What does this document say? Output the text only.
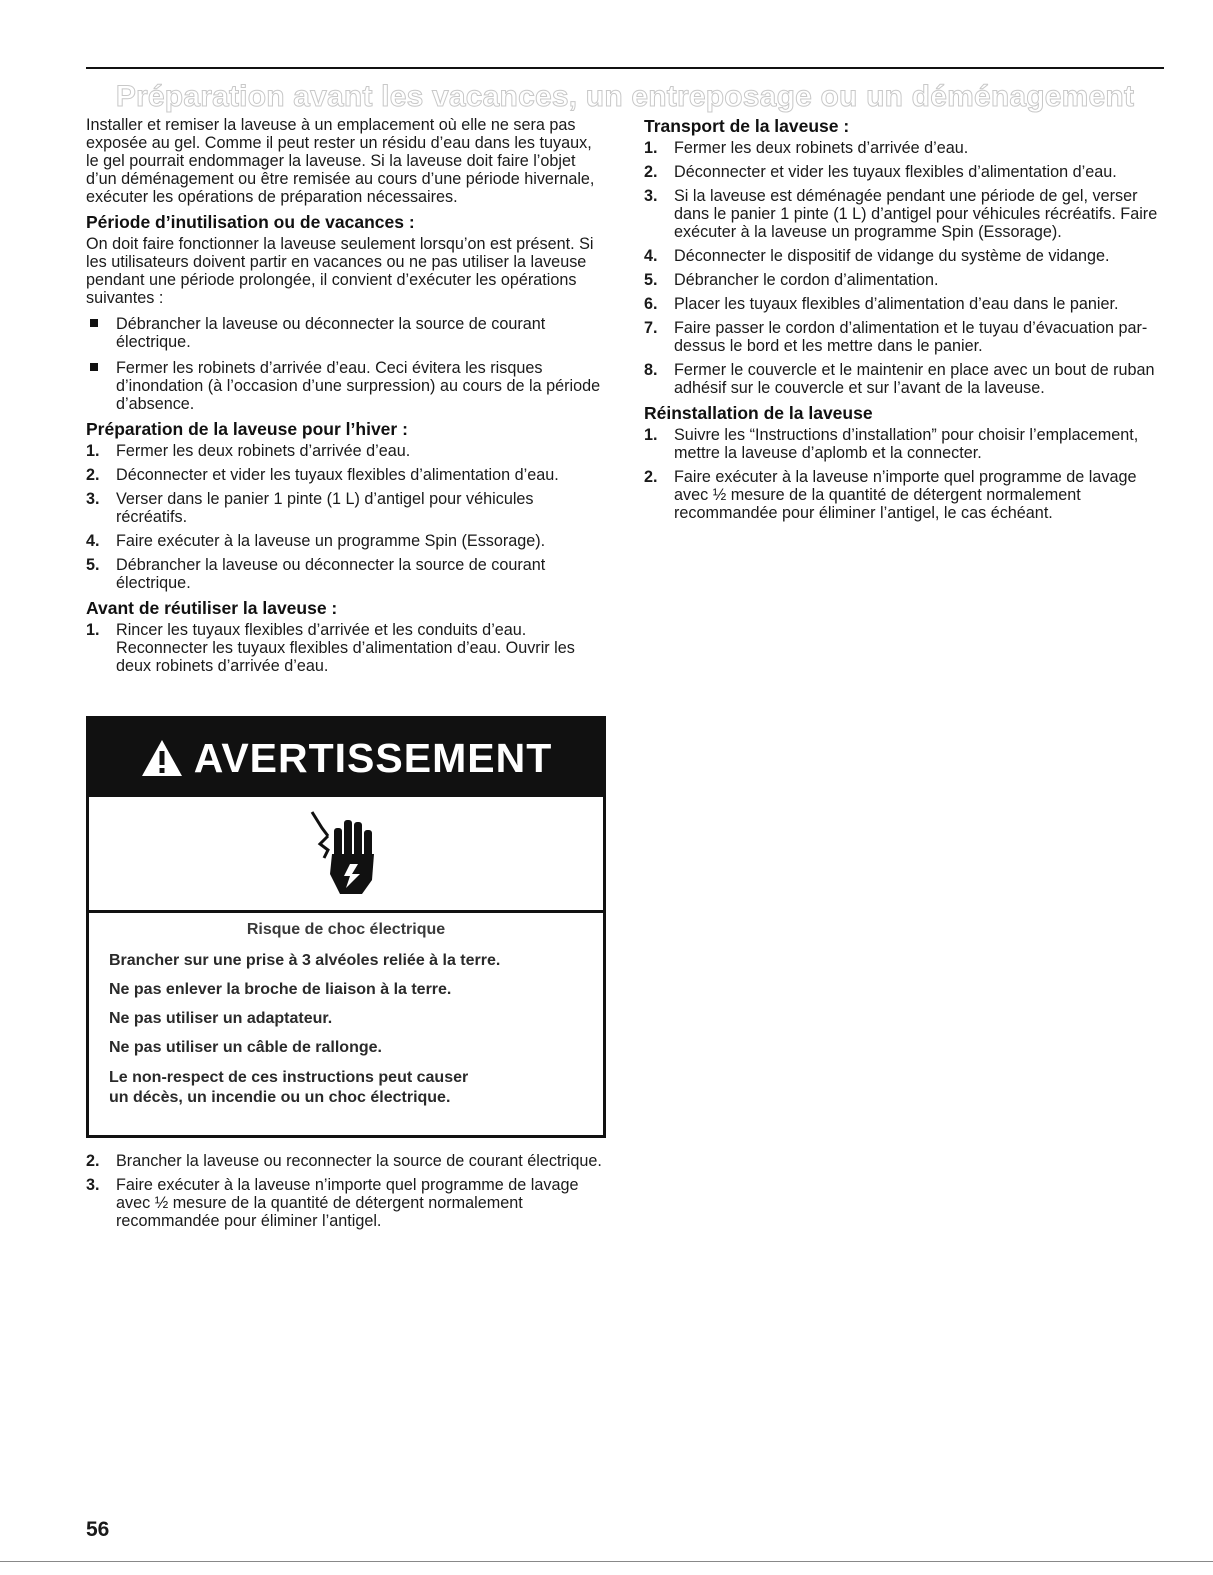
Préparation avant les vacances, un entreposage ou un déménagement

Installer et remiser la laveuse à un emplacement où elle ne sera pas exposée au gel. Comme il peut rester un résidu d’eau dans les tuyaux, le gel pourrait endommager la laveuse. Si la laveuse doit faire l’objet d’un déménagement ou être remisée au cours d’une période hivernale, exécuter les opérations de préparation nécessaires.

Période d’inutilisation ou de vacances :

On doit faire fonctionner la laveuse seulement lorsqu’on est présent. Si les utilisateurs doivent partir en vacances ou ne pas utiliser la laveuse pendant une période prolongée, il convient d’exécuter les opérations suivantes :

Débrancher la laveuse ou déconnecter la source de courant électrique.
Fermer les robinets d’arrivée d’eau. Ceci évitera les risques d’inondation (à l’occasion d’une surpression) au cours de la période d’absence.
Préparation de la laveuse pour l’hiver :
1. Fermer les deux robinets d’arrivée d’eau.
2. Déconnecter et vider les tuyaux flexibles d’alimentation d’eau.
3. Verser dans le panier 1 pinte (1 L) d’antigel pour véhicules récréatifs.
4. Faire exécuter à la laveuse un programme Spin (Essorage).
5. Débrancher la laveuse ou déconnecter la source de courant électrique.
Avant de réutiliser la laveuse :
1. Rincer les tuyaux flexibles d’arrivée et les conduits d’eau. Reconnecter les tuyaux flexibles d’alimentation d’eau. Ouvrir les deux robinets d’arrivée d’eau.
AVERTISSEMENT

Risque de choc électrique

Brancher sur une prise à 3 alvéoles reliée à la terre.

Ne pas enlever la broche de liaison à la terre.

Ne pas utiliser un adaptateur.

Ne pas utiliser un câble de rallonge.

Le non-respect de ces instructions peut causer
un décès, un incendie ou un choc électrique.

2. Brancher la laveuse ou reconnecter la source de courant électrique.
3. Faire exécuter à la laveuse n’importe quel programme de lavage avec ½ mesure de la quantité de détergent normalement recommandée pour éliminer l’antigel.
Transport de la laveuse :
1. Fermer les deux robinets d’arrivée d’eau.
2. Déconnecter et vider les tuyaux flexibles d’alimentation d’eau.
3. Si la laveuse est déménagée pendant une période de gel, verser dans le panier 1 pinte (1 L) d’antigel pour véhicules récréatifs. Faire exécuter à la laveuse un programme Spin (Essorage).
4. Déconnecter le dispositif de vidange du système de vidange.
5. Débrancher le cordon d’alimentation.
6. Placer les tuyaux flexibles d’alimentation d’eau dans le panier.
7. Faire passer le cordon d’alimentation et le tuyau d’évacuation par-dessus le bord et les mettre dans le panier.
8. Fermer le couvercle et le maintenir en place avec un bout de ruban adhésif sur le couvercle et sur l’avant de la laveuse.
Réinstallation de la laveuse
1. Suivre les “Instructions d’installation” pour choisir l’emplacement, mettre la laveuse d’aplomb et la connecter.
2. Faire exécuter à la laveuse n’importe quel programme de lavage avec ½ mesure de la quantité de détergent normalement recommandée pour éliminer l’antigel, le cas échéant.
56
